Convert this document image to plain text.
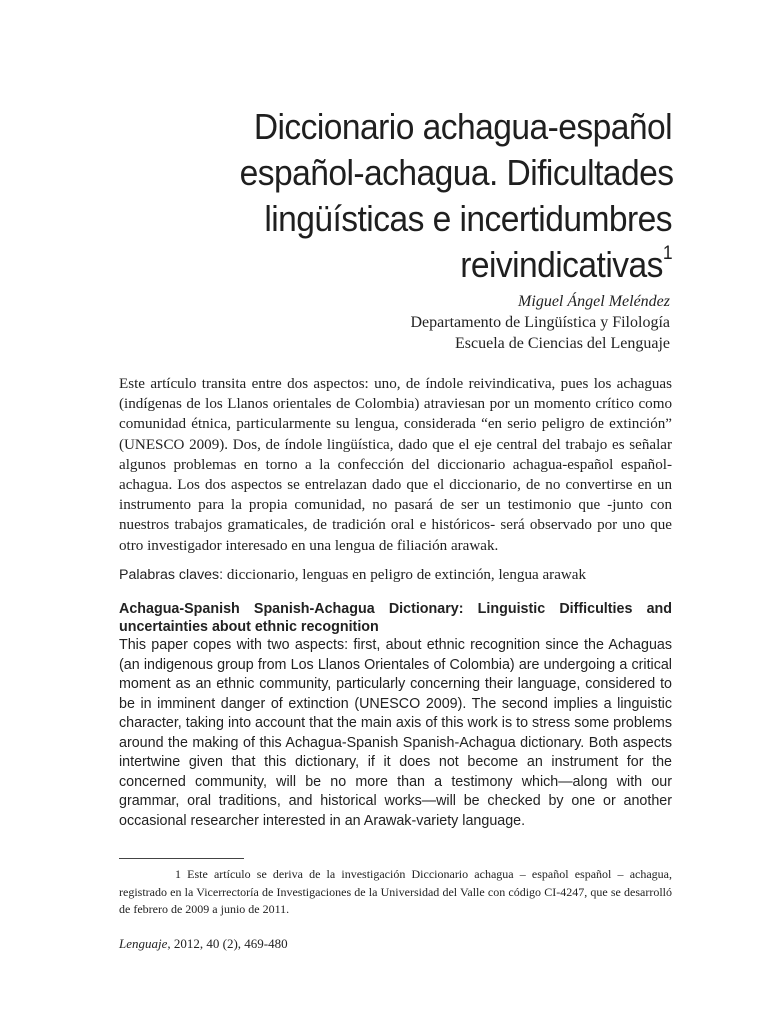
Diccionario achagua-español
español-achagua. Dificultades
lingüísticas e incertidumbres
reivindicativas$^1$
Miguel Ángel Meléndez
Departamento de Lingüística y Filología
Escuela de Ciencias del Lenguaje

Este artículo transita entre dos aspectos: uno, de índole reivindicativa, pues los achaguas (indígenas de los Llanos orientales de Colombia) atraviesan por un momento crítico como comunidad étnica, particularmente su lengua, considerada “en serio peligro de extinción” (UNESCO 2009). Dos, de índole lingüística, dado que el eje central del trabajo es señalar algunos problemas en torno a la confección del diccionario achagua-español español-achagua. Los dos aspectos se entrelazan dado que el diccionario, de no convertirse en un instrumento para la propia comunidad, no pasará de ser un testimonio que -junto con nuestros trabajos gramaticales, de tradición oral e históricos- será observado por uno que otro investigador interesado en una lengua de filiación arawak.

Palabras claves: diccionario, lenguas en peligro de extinción, lengua arawak

Achagua-Spanish Spanish-Achagua Dictionary: Linguistic Difficulties and uncertainties about ethnic recognition

This paper copes with two aspects: first, about ethnic recognition since the Achaguas (an indigenous group from Los Llanos Orientales of Colombia) are undergoing a critical moment as an ethnic community, particularly concerning their language, considered to be in imminent danger of extinction (UNESCO 2009). The second implies a linguistic character, taking into account that the main axis of this work is to stress some problems around the making of this Achagua-Spanish Spanish-Achagua dictionary. Both aspects intertwine given that this dictionary, if it does not become an instrument for the concerned community, will be no more than a testimony which—along with our grammar, oral traditions, and historical works—will be checked by one or another occasional researcher interested in an Arawak-variety language.

1 Este artículo se deriva de la investigación Diccionario achagua – español español – achagua, registrado en la Vicerrectoría de Investigaciones de la Universidad del Valle con código CI-4247, que se desarrolló de febrero de 2009 a junio de 2011.

Lenguaje, 2012, 40 (2), 469-480
